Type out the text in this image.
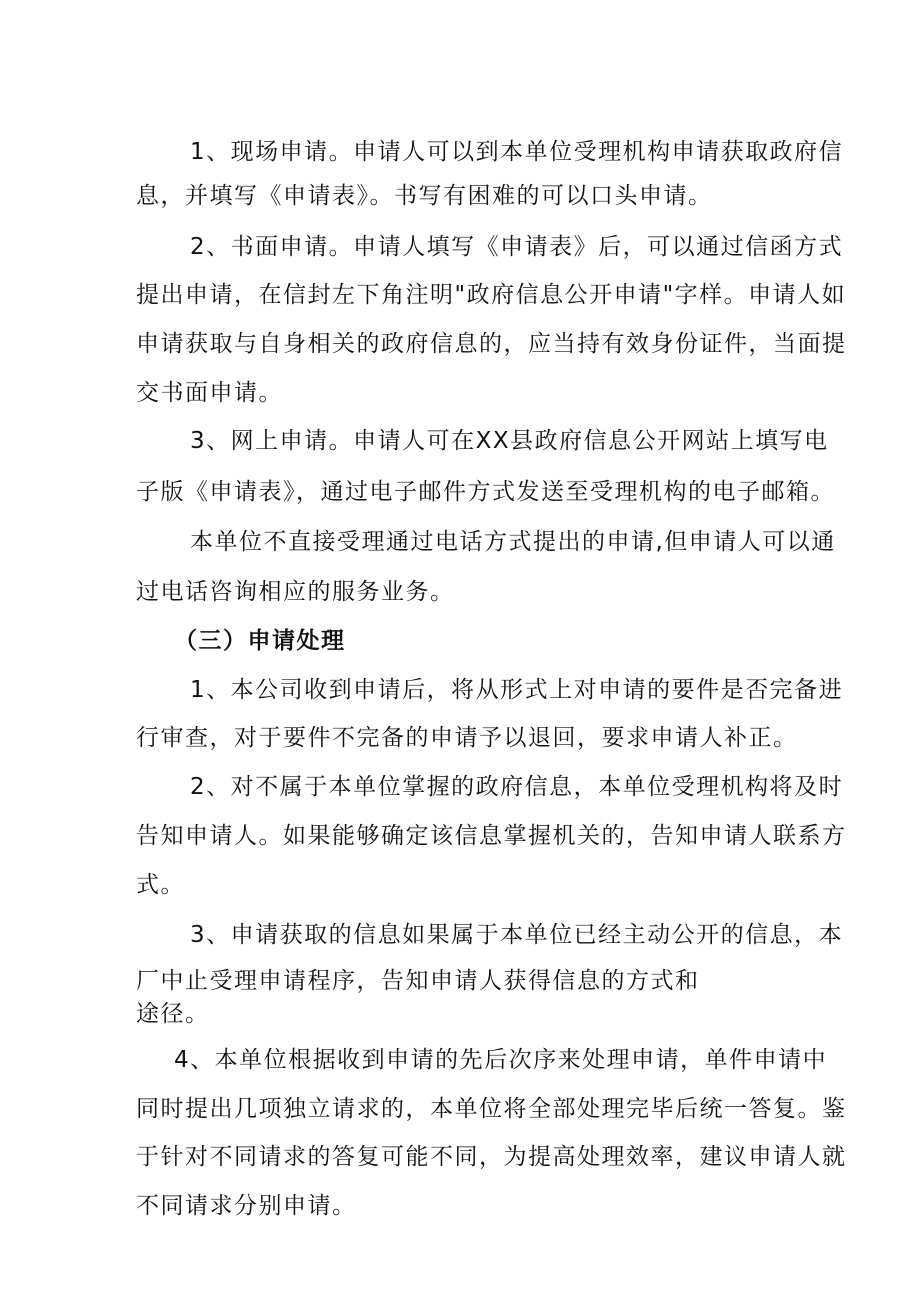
1、现场申请。申请人可以到本单位受理机构申请获取政府信
息，并填写《申请表》。书写有困难的可以口头申请。
2、书面申请。申请人填写《申请表》后，可以通过信函方式
提出申请，在信封左下角注明"政府信息公开申请"字样。申请人如
申请获取与自身相关的政府信息的，应当持有效身份证件，当面提
交书面申请。
3、网上申请。申请人可在XX县政府信息公开网站上填写电
子版《申请表》，通过电子邮件方式发送至受理机构的电子邮箱。
本单位不直接受理通过电话方式提出的申请,但申请人可以通
过电话咨询相应的服务业务。
（三）申请处理
1、本公司收到申请后，将从形式上对申请的要件是否完备进
行审查，对于要件不完备的申请予以退回，要求申请人补正。
2、对不属于本单位掌握的政府信息，本单位受理机构将及时
告知申请人。如果能够确定该信息掌握机关的，告知申请人联系方
式。
3、申请获取的信息如果属于本单位已经主动公开的信息，本
厂中止受理申请程序，告知申请人获得信息的方式和
途径。
4、本单位根据收到申请的先后次序来处理申请，单件申请中
同时提出几项独立请求的，本单位将全部处理完毕后统一答复。鉴
于针对不同请求的答复可能不同，为提高处理效率，建议申请人就
不同请求分别申请。
